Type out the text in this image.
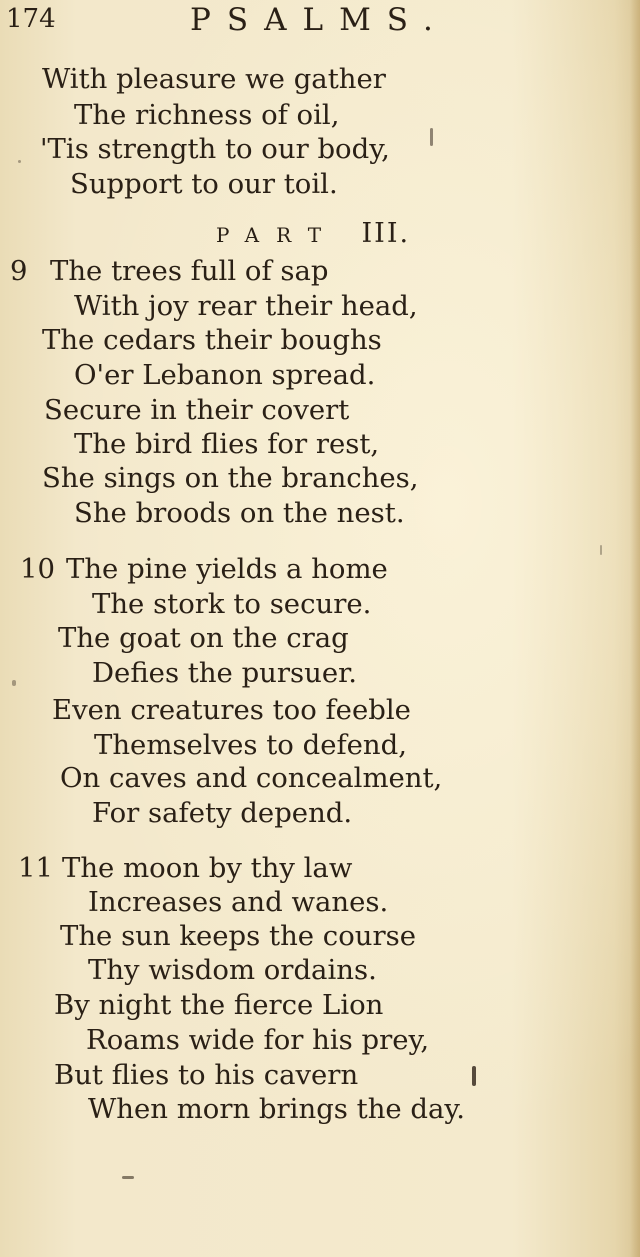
174	PSALMS.
With pleasure we gather
The richness of oil,
'Tis strength to our body,
Support to our toil.
PART III.
9 The trees full of sap
With joy rear their head,
The cedars their boughs
O'er Lebanon spread.
Secure in their covert
The bird flies for rest,
She sings on the branches,
She broods on the nest.
10 The pine yields a home
The stork to secure.
The goat on the crag
Defies the pursuer.
Even creatures too feeble
Themselves to defend,
On caves and concealment,
For safety depend.
11 The moon by thy law
Increases and wanes.
The sun keeps the course
Thy wisdom ordains.
By night the fierce Lion
Roams wide for his prey,
But flies to his cavern
When morn brings the day.
